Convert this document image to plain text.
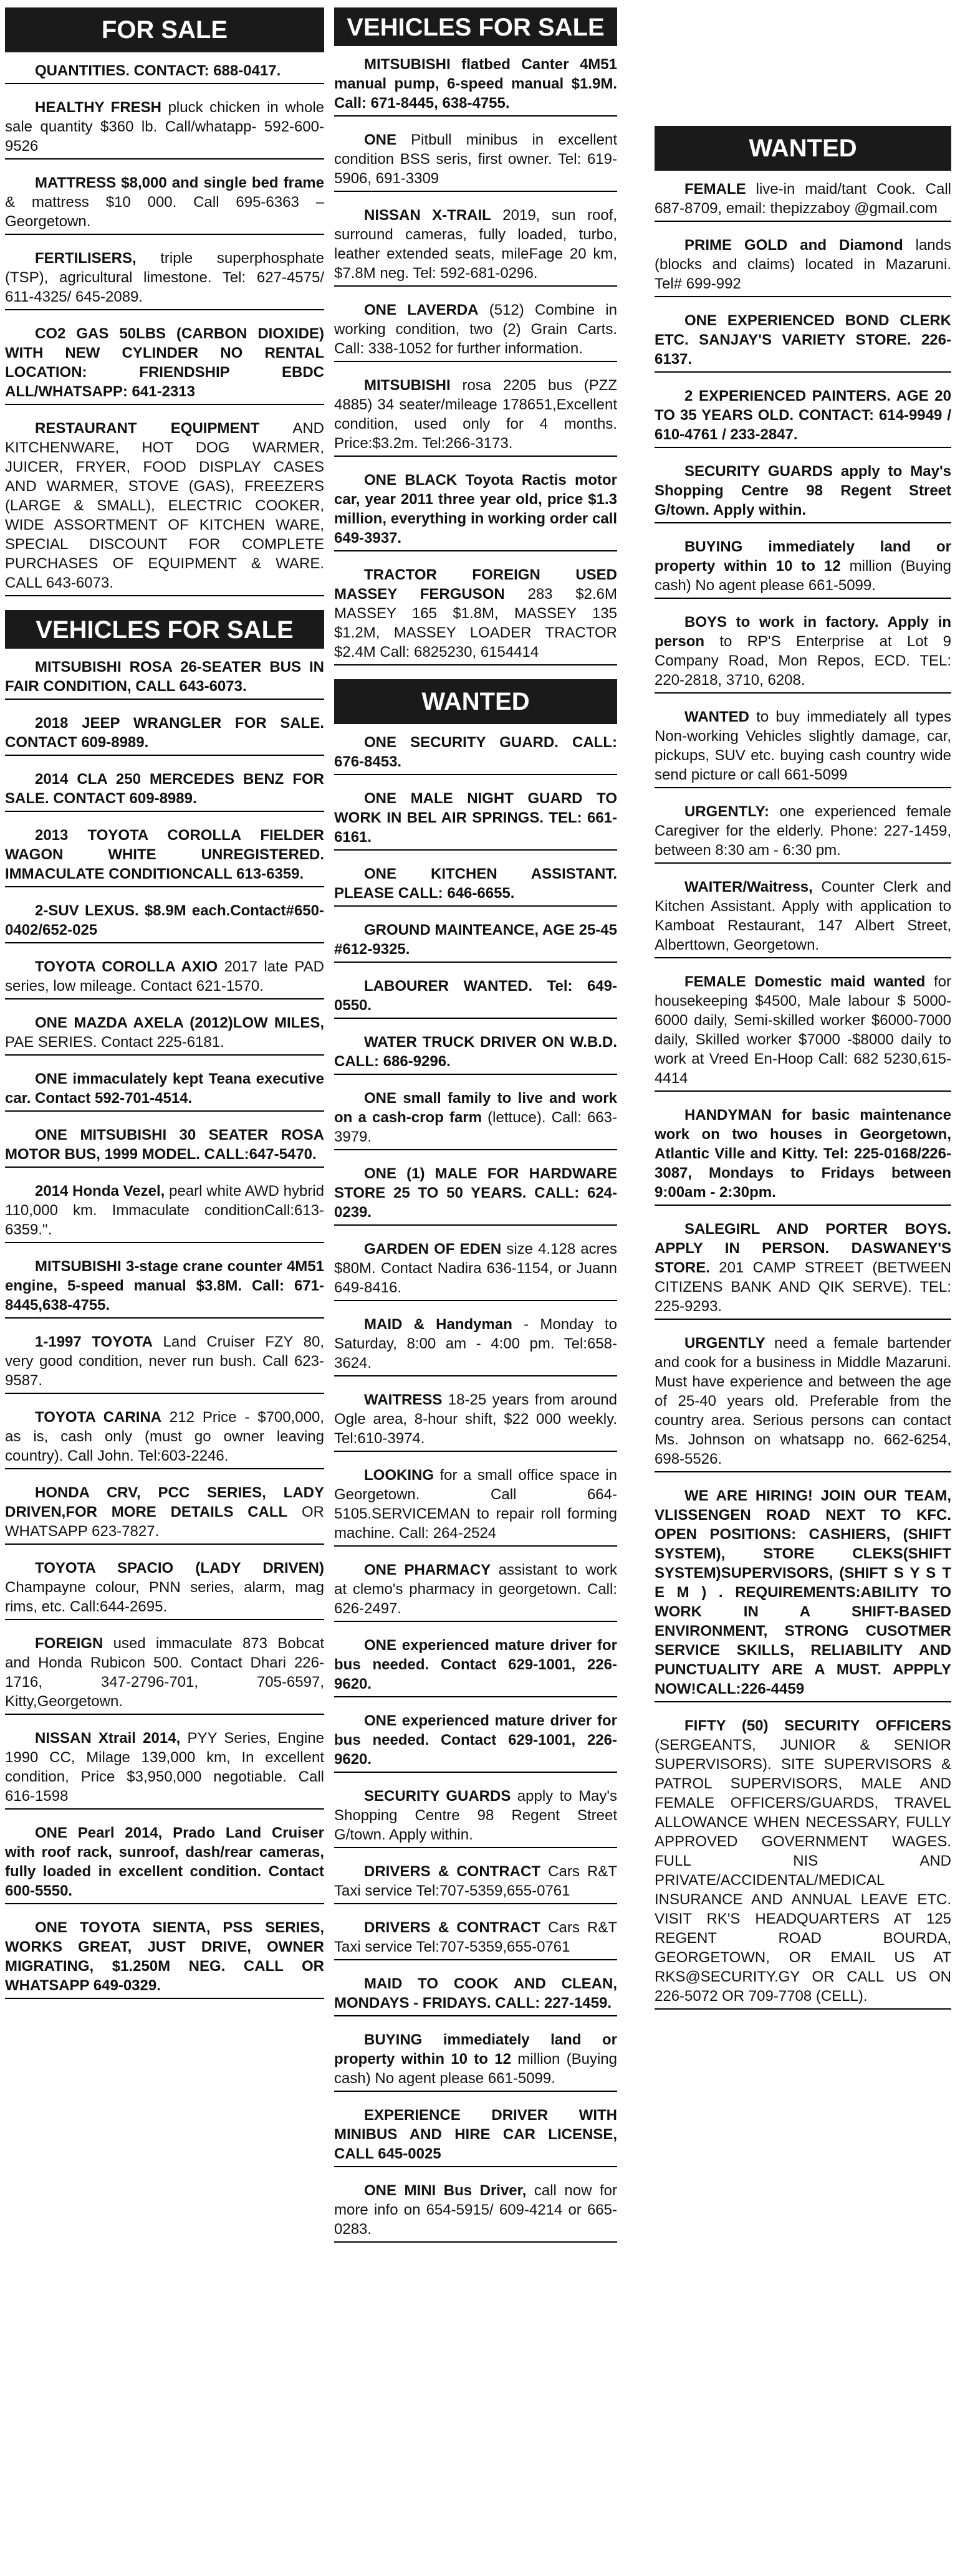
FOR SALE

QUANTITIES. CONTACT: 688-0417.

HEALTHY FRESH pluck chicken in whole sale quantity $360 lb. Call/whatapp- 592-600-9526

MATTRESS $8,000 and single bed frame & mattress $10 000. Call 695-6363 – Georgetown.

FERTILISERS, triple superphosphate (TSP), agricultural limestone. Tel: 627-4575/ 611-4325/ 645-2089.

CO2 GAS 50LBS (CARBON DIOXIDE) WITH NEW CYLINDER NO RENTAL LOCATION: FRIENDSHIP EBDC ALL/WHATSAPP: 641-2313

RESTAURANT EQUIPMENT AND KITCHENWARE, HOT DOG WARMER, JUICER, FRYER, FOOD DISPLAY CASES AND WARMER, STOVE (GAS), FREEZERS (LARGE & SMALL), ELECTRIC COOKER, WIDE ASSORTMENT OF KITCHEN WARE, SPECIAL DISCOUNT FOR COMPLETE PURCHASES OF EQUIPMENT & WARE. CALL 643-6073.

VEHICLES FOR SALE

MITSUBISHI ROSA 26-SEATER BUS IN FAIR CONDITION, CALL 643-6073.

2018 JEEP WRANGLER FOR SALE. CONTACT 609-8989.

2014 CLA 250 MERCEDES BENZ FOR SALE. CONTACT 609-8989.

2013 TOYOTA COROLLA FIELDER WAGON WHITE UNREGISTERED. IMMACULATE CONDITIONCALL 613-6359.

2-SUV LEXUS. $8.9M each.Contact#650-0402/652-025

TOYOTA COROLLA AXIO 2017 late PAD series, low mileage. Contact 621-1570.

ONE MAZDA AXELA (2012)LOW MILES, PAE SERIES. Contact 225-6181.

ONE immaculately kept Teana executive car. Contact 592-701-4514.

ONE MITSUBISHI 30 SEATER ROSA MOTOR BUS, 1999 MODEL. CALL:647-5470.

2014 Honda Vezel, pearl white AWD hybrid 110,000 km. Immaculate conditionCall:613-6359.".

MITSUBISHI 3-stage crane counter 4M51 engine, 5-speed manual $3.8M. Call: 671-8445,638-4755.

1-1997 TOYOTA Land Cruiser FZY 80, very good condition, never run bush. Call 623-9587.

TOYOTA CARINA 212 Price - $700,000, as is, cash only (must go owner leaving country). Call John. Tel:603-2246.

HONDA CRV, PCC SERIES, LADY DRIVEN,FOR MORE DETAILS CALL OR WHATSAPP 623-7827.

TOYOTA SPACIO (LADY DRIVEN) Champayne colour, PNN series, alarm, mag rims, etc. Call:644-2695.

FOREIGN used immaculate 873 Bobcat and Honda Rubicon 500. Contact Dhari 226-1716, 347-2796-701, 705-6597, Kitty,Georgetown.

NISSAN Xtrail 2014, PYY Series, Engine 1990 CC, Milage 139,000 km, In excellent condition, Price $3,950,000 negotiable. Call 616-1598

ONE Pearl 2014, Prado Land Cruiser with roof rack, sunroof, dash/rear cameras, fully loaded in excellent condition. Contact 600-5550.

ONE TOYOTA SIENTA, PSS SERIES, WORKS GREAT, JUST DRIVE, OWNER MIGRATING, $1.250M NEG. CALL OR WHATSAPP 649-0329.

VEHICLES FOR SALE

MITSUBISHI flatbed Canter 4M51 manual pump, 6-speed manual $1.9M. Call: 671-8445, 638-4755.

ONE Pitbull minibus in excellent condition BSS seris, first owner. Tel: 619-5906, 691-3309

NISSAN X-TRAIL 2019, sun roof, surround cameras, fully loaded, turbo, leather extended seats, mileFage 20 km, $7.8M neg. Tel: 592-681-0296.

ONE LAVERDA (512) Combine in working condition, two (2) Grain Carts. Call: 338-1052 for further information.

MITSUBISHI rosa 2205 bus (PZZ 4885) 34 seater/mileage 178651,Excellent condition, used only for 4 months. Price:$3.2m. Tel:266-3173.

ONE BLACK Toyota Ractis motor car, year 2011 three year old, price $1.3 million, everything in working order call 649-3937.

TRACTOR FOREIGN USED MASSEY FERGUSON 283 $2.6M MASSEY 165 $1.8M, MASSEY 135 $1.2M, MASSEY LOADER TRACTOR $2.4M Call: 6825230, 6154414

WANTED

ONE SECURITY GUARD. CALL: 676-8453.

ONE MALE NIGHT GUARD TO WORK IN BEL AIR SPRINGS. TEL: 661-6161.

ONE KITCHEN ASSISTANT. PLEASE CALL: 646-6655.

GROUND MAINTEANCE, AGE 25-45 #612-9325.

LABOURER WANTED. Tel: 649-0550.

WATER TRUCK DRIVER ON W.B.D. CALL: 686-9296.

ONE small family to live and work on a cash-crop farm (lettuce). Call: 663-3979.

ONE (1) MALE FOR HARDWARE STORE 25 TO 50 YEARS. CALL: 624-0239.

GARDEN OF EDEN size 4.128 acres $80M. Contact Nadira 636-1154, or Juann 649-8416.

MAID & Handyman - Monday to Saturday, 8:00 am - 4:00 pm. Tel:658-3624.

WAITRESS 18-25 years from around Ogle area, 8-hour shift, $22 000 weekly. Tel:610-3974.

LOOKING for a small office space in Georgetown. Call 664-5105.SERVICEMAN to repair roll forming machine. Call: 264-2524

ONE PHARMACY assistant to work at clemo's pharmacy in georgetown. Call: 626-2497.

ONE experienced mature driver for bus needed. Contact 629-1001, 226-9620.

ONE experienced mature driver for bus needed. Contact 629-1001, 226-9620.

SECURITY GUARDS apply to May's Shopping Centre 98 Regent Street G/town. Apply within.

DRIVERS & CONTRACT Cars R&T Taxi service Tel:707-5359,655-0761

DRIVERS & CONTRACT Cars R&T Taxi service Tel:707-5359,655-0761

MAID TO COOK AND CLEAN, MONDAYS - FRIDAYS. CALL: 227-1459.

BUYING immediately land or property within 10 to 12 million (Buying cash) No agent please 661-5099.

EXPERIENCE DRIVER WITH MINIBUS AND HIRE CAR LICENSE, CALL 645-0025

ONE MINI Bus Driver, call now for more info on 654-5915/ 609-4214 or 665-0283.

WANTED

FEMALE live-in maid/tant Cook. Call 687-8709, email: thepizzaboy @gmail.com

PRIME GOLD and Diamond lands (blocks and claims) located in Mazaruni. Tel# 699-992

ONE EXPERIENCED BOND CLERK ETC. SANJAY'S VARIETY STORE. 226-6137.

2 EXPERIENCED PAINTERS. AGE 20 TO 35 YEARS OLD. CONTACT: 614-9949 / 610-4761 / 233-2847.

SECURITY GUARDS apply to May's Shopping Centre 98 Regent Street G/town. Apply within.

BUYING immediately land or property within 10 to 12 million (Buying cash) No agent please 661-5099.

BOYS to work in factory. Apply in person to RP'S Enterprise at Lot 9 Company Road, Mon Repos, ECD. TEL: 220-2818, 3710, 6208.

WANTED to buy immediately all types Non-working Vehicles slightly damage, car, pickups, SUV etc. buying cash country wide send picture or call 661-5099

URGENTLY: one experienced female Caregiver for the elderly. Phone: 227-1459, between 8:30 am - 6:30 pm.

WAITER/Waitress, Counter Clerk and Kitchen Assistant. Apply with application to Kamboat Restaurant, 147 Albert Street, Alberttown, Georgetown.

FEMALE Domestic maid wanted for housekeeping $4500, Male labour $ 5000-6000 daily, Semi-skilled worker $6000-7000 daily, Skilled worker $7000 -$8000 daily to work at Vreed En-Hoop Call: 682 5230,615- 4414

HANDYMAN for basic maintenance work on two houses in Georgetown, Atlantic Ville and Kitty. Tel: 225-0168/226-3087, Mondays to Fridays between 9:00am - 2:30pm.

SALEGIRL AND PORTER BOYS. APPLY IN PERSON. DASWANEY'S STORE. 201 CAMP STREET (BETWEEN CITIZENS BANK AND QIK SERVE). TEL: 225-9293.

URGENTLY need a female bartender and cook for a business in Middle Mazaruni. Must have experience and between the age of 25-40 years old. Preferable from the country area. Serious persons can contact Ms. Johnson on whatsapp no. 662-6254, 698-5526.

WE ARE HIRING! JOIN OUR TEAM, VLISSENGEN ROAD NEXT TO KFC. OPEN POSITIONS: CASHIERS, (SHIFT SYSTEM), STORE CLEKS(SHIFT SYSTEM)SUPERVISORS, (SHIFT S Y S T E M ) . REQUIREMENTS:ABILITY TO WORK IN A SHIFT-BASED ENVIRONMENT, STRONG CUSOTMER SERVICE SKILLS, RELIABILITY AND PUNCTUALITY ARE A MUST. APPPLY NOW!CALL:226-4459

FIFTY (50) SECURITY OFFICERS (SERGEANTS, JUNIOR & SENIOR SUPERVISORS). SITE SUPERVISORS & PATROL SUPERVISORS, MALE AND FEMALE OFFICERS/GUARDS, TRAVEL ALLOWANCE WHEN NECESSARY, FULLY APPROVED GOVERNMENT WAGES. FULL NIS AND PRIVATE/ACCIDENTAL/MEDICAL INSURANCE AND ANNUAL LEAVE ETC. VISIT RK'S HEADQUARTERS AT 125 REGENT ROAD BOURDA, GEORGETOWN, OR EMAIL US AT RKS@SECURITY.GY OR CALL US ON 226-5072 OR 709-7708 (CELL).
